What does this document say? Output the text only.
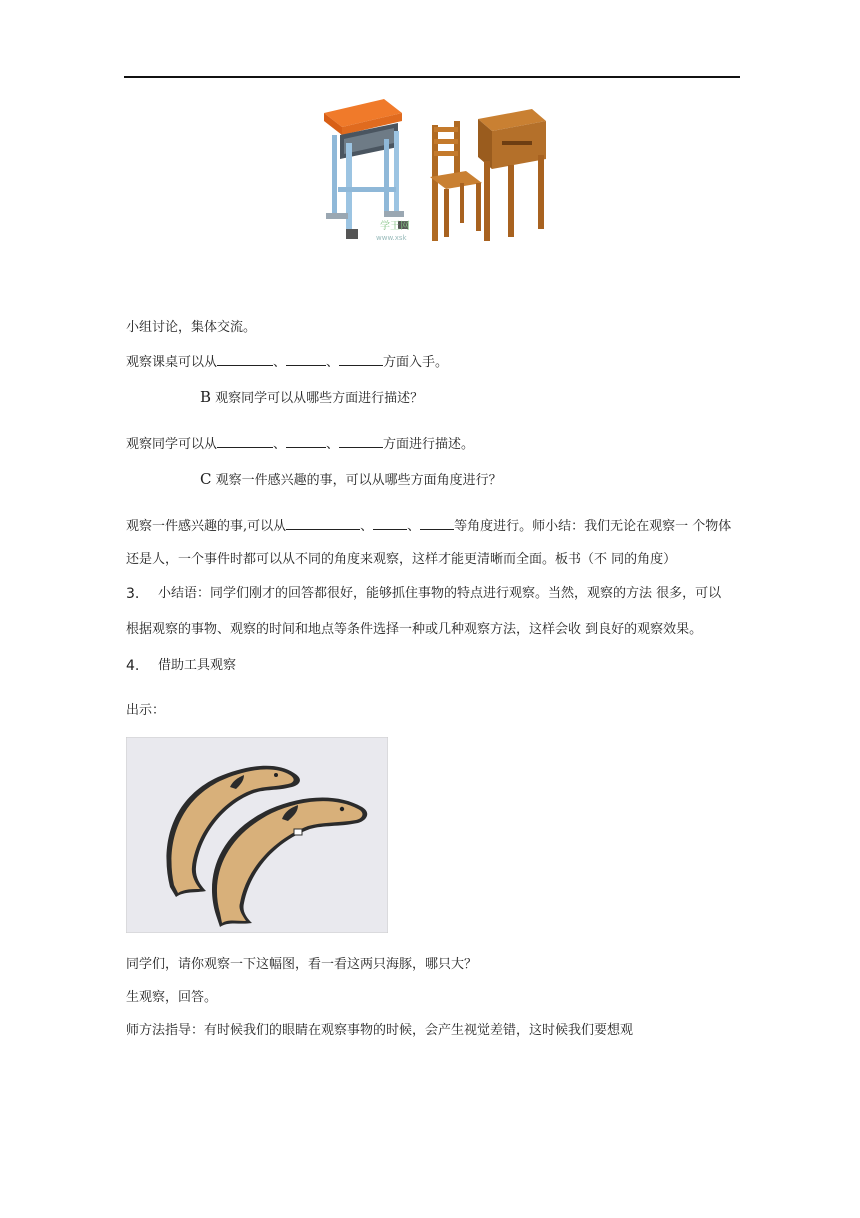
学王网
www.xsk
小组讨论，集体交流。
观察课桌可以从	、	、	方面入手。
B 观察同学可以从哪些方面进行描述？
观察同学可以从	、	、	方面进行描述。
C 观察一件感兴趣的事，可以从哪些方面角度进行？
观察一件感兴趣的事,可以从	、	、	等角度进行。师小结：我们无论在观察一 个物体
还是人，一个事件时都可以从不同的角度来观察，这样才能更清晰而全面。板书（不 同的角度）
3. 小结语：同学们刚才的回答都很好，能够抓住事物的特点进行观察。当然，观察的方法 很多，可以
根据观察的事物、观察的时间和地点等条件选择一种或几种观察方法，这样会收 到良好的观察效果。
4. 借助工具观察
出示：
同学们，请你观察一下这幅图，看一看这两只海豚，哪只大？
生观察，回答。
师方法指导：有时候我们的眼睛在观察事物的时候，会产生视觉差错，这时候我们要想观
